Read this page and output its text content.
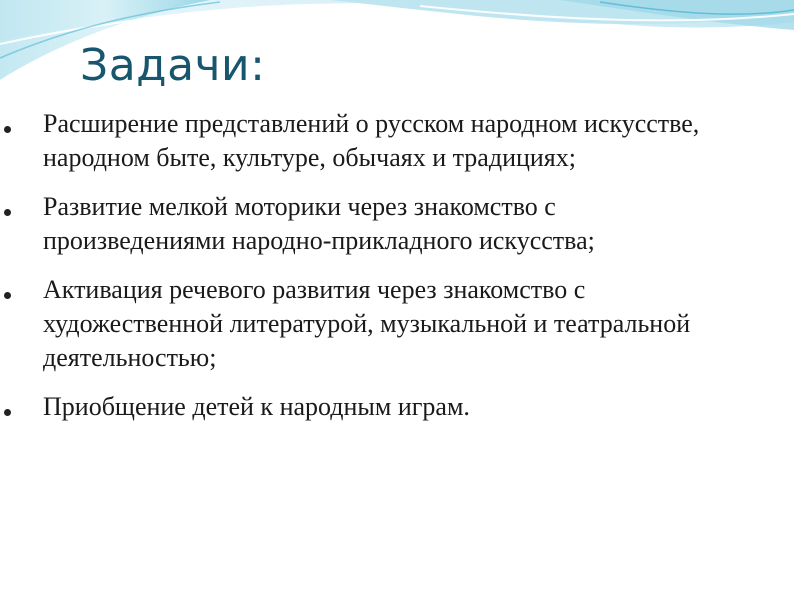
Задачи:
Расширение представлений о русском народном искусстве, народном быте, культуре, обычаях и традициях;
Развитие мелкой моторики через знакомство с произведениями народно-прикладного искусства;
Активация речевого развития через знакомство с художественной литературой, музыкальной и театральной деятельностью;
Приобщение детей к народным играм.
